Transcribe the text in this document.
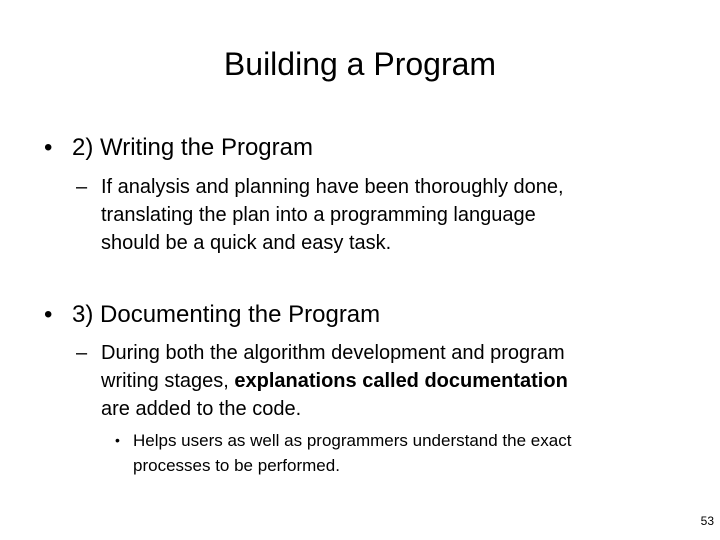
Building a Program
• 2) Writing the Program
– If analysis and planning have been thoroughly done,
translating the plan into a programming language
should be a quick and easy task.
• 3) Documenting the Program
– During both the algorithm development and program
writing stages, explanations called documentation
are added to the code.
• Helps users as well as programmers understand the exact
processes to be performed.
53
